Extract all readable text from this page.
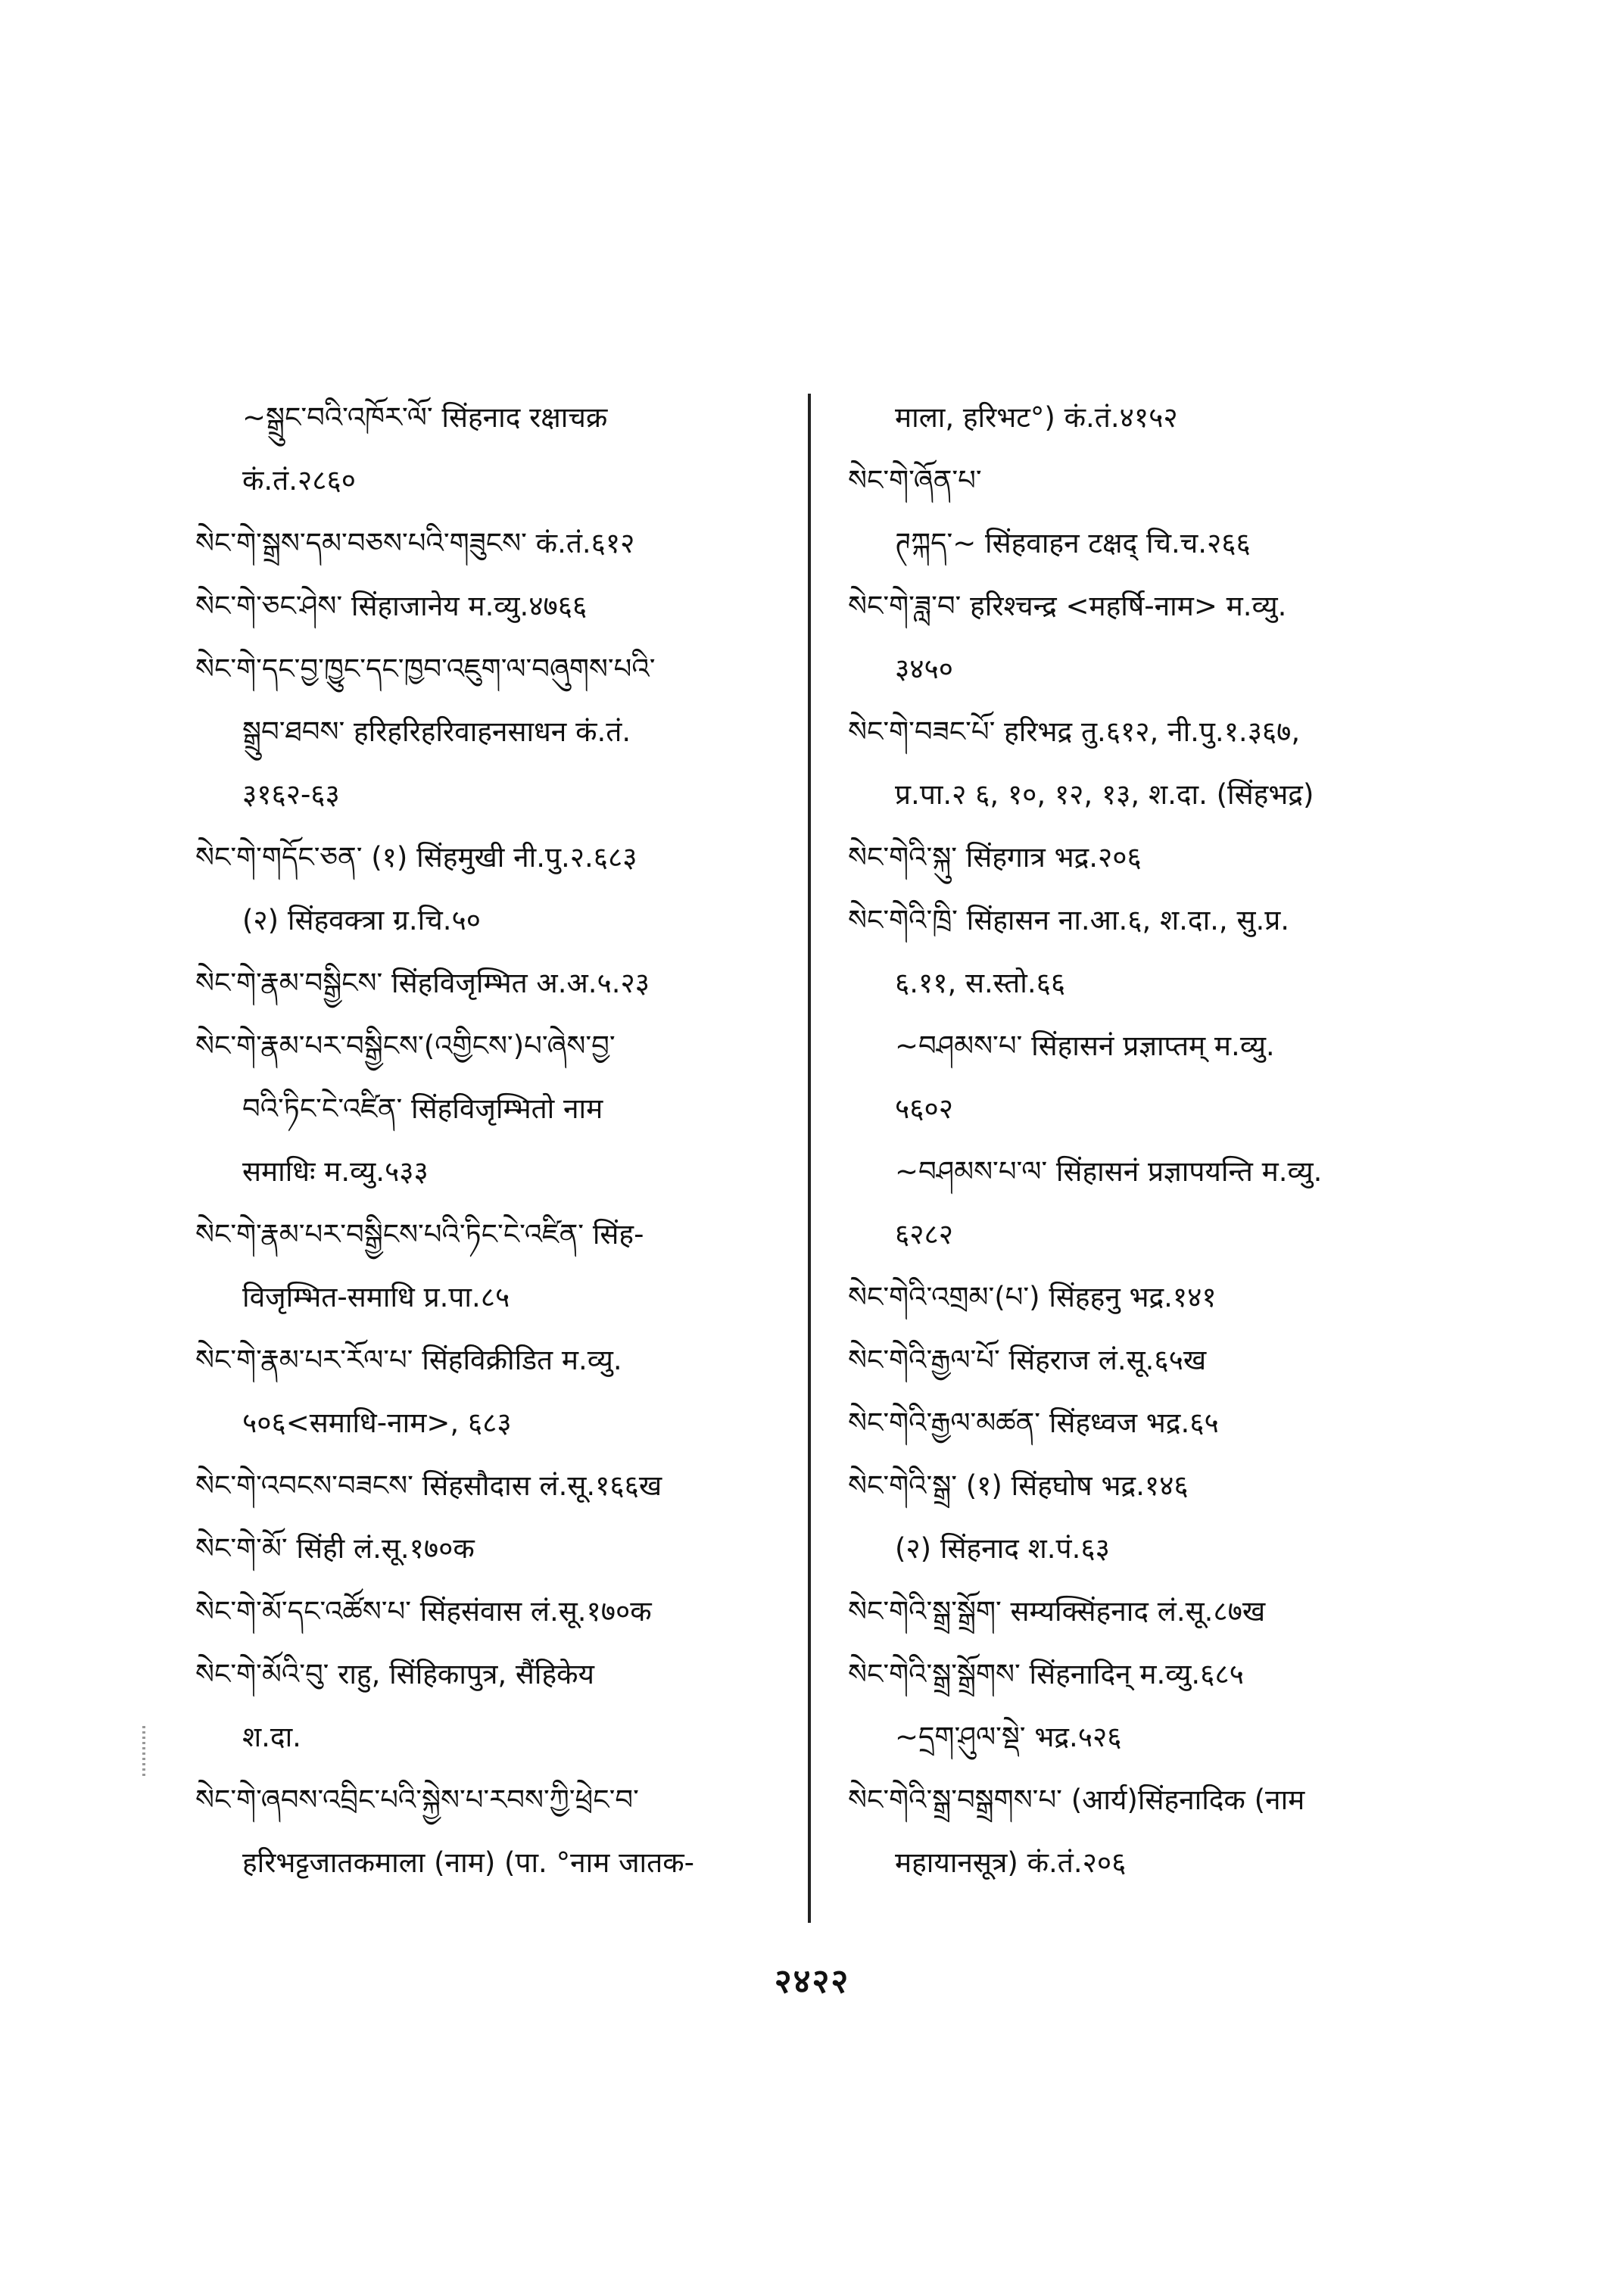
~སྒྲུང་བའི་འཁོར་ལོ་ सिंहनाद रक्षाचक्र

कं.तं.२८६०

སེང་གེ་སྒྲས་དམ་བཅས་པའི་གཟུངས་ कं.तं.६१२

སེང་གེ་ཅང་ཤེས་ सिंहाजानेय म.व्यु.४७६६

སེང་གེ་དང་བྱ་ཁྱུང་དང་ཁྱབ་འཇུག་ལ་བཞུགས་པའི་

སྒྲུབ་ཐབས་ हरिहरिहरिवाहनसाधन कं.तं.

३१६२-६३

སེང་གེ་གདོང་ཅན་ (१) सिंहमुखी नी.पु.२.६८३

(२) सिंहवक्त्रा ग्र.चि.५०

སེང་གེ་རྣམ་བསྒྱིངས་ सिंहविजृम्भित अ.अ.५.२३

སེང་གེ་རྣམ་པར་བསྒྱིངས་(འགྱིངས་)པ་ཞེས་བྱ་

བའི་ཏིང་ངེ་འཛིན་ सिंहविजृम्भितो नाम

समाधिः म.व्यु.५३३

སེང་གེ་རྣམ་པར་བསྒྱིངས་པའི་ཏིང་ངེ་འཛིན་ सिंह-

विजृम्भित-समाधि प्र.पा.८५

སེང་གེ་རྣམ་པར་རོལ་པ་ सिंहविक्रीडित म.व्यु.

५०६<समाधि-नाम>, ६८३

སེང་གེ་འབངས་བཟངས་ सिंहसौदास लं.सू.१६६ख

སེང་གེ་མོ་ सिंही लं.सू.१७०क

སེང་གེ་མོ་དང་འཚོས་པ་ सिंहसंवास लं.सू.१७०क

སེང་གེ་མོའི་བུ་ राहु, सिंहिकापुत्र, सैंहिकेय

श.दा.

སེང་གེ་ཞབས་འབྲིང་པའི་སྐྱེས་པ་རབས་ཀྱི་ཕྲེང་བ་

हरिभट्टजातकमाला (नाम) (पा. °नाम जातक-

माला, हरिभट°) कं.तं.४१५२

སེང་གེ་ཞོན་པ་

ཊཀྐད་~ सिंहवाहन टक्षद् चि.च.२६६

སེང་གེ་ཟླ་བ་ हरिश्चन्द्र <महर्षि-नाम> म.व्यु.

३४५०

སེང་གེ་བཟང་པོ་ हरिभद्र तु.६१२, नी.पु.१.३६७,

प्र.पा.२ ६, १०, १२, १३, श.दा. (सिंहभद्र)

སེང་གེའི་སྐུ་ सिंहगात्र भद्र.२०६

སེང་གེའི་ཁྲི་ सिंहासन ना.आ.६, श.दा., सु.प्र.

६.११, स.स्तो.६६

~བཤམས་པ་ सिंहासनं प्रज्ञाप्तम् म.व्यु.

५६०२

~བཤམས་པ་ལ་ सिंहासनं प्रज्ञापयन्ति म.व्यु.

६२८२

སེང་གེའི་འགྲམ་(པ་) सिंहहनु भद्र.१४१

སེང་གེའི་རྒྱལ་པོ་ सिंहराज लं.सू.६५ख

སེང་གེའི་རྒྱལ་མཚན་ सिंहध्वज भद्र.६५

སེང་གེའི་སྒྲ་ (१) सिंहघोष भद्र.१४६

(२) सिंहनाद श.पं.६३

སེང་གེའི་སྒྲ་སྒྲོག་ सम्यक्सिंहनाद लं.सू.८७ख

སེང་གེའི་སྒྲ་སྒྲོགས་ सिंहनादिन् म.व्यु.६८५

~དྲག་ཤུལ་སྡེ་ भद्र.५२६

སེང་གེའི་སྒྲ་བསྒྲགས་པ་ (आर्य)सिंहनादिक (नाम

महायानसूत्र) कं.तं.२०६

२४२२
